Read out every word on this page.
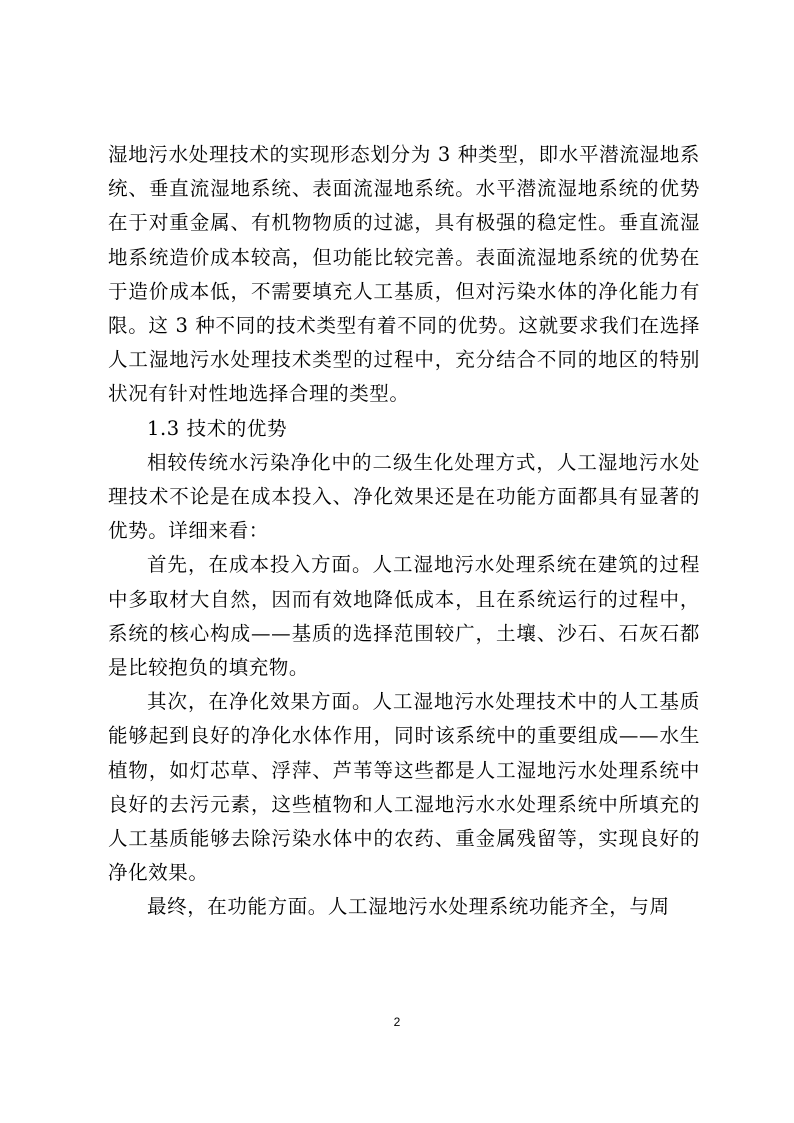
湿地污水处理技术的实现形态划分为 3 种类型，即水平潜流湿地系统、垂直流湿地系统、表面流湿地系统。水平潜流湿地系统的优势在于对重金属、有机物物质的过滤，具有极强的稳定性。垂直流湿地系统造价成本较高，但功能比较完善。表面流湿地系统的优势在于造价成本低，不需要填充人工基质，但对污染水体的净化能力有限。这 3 种不同的技术类型有着不同的优势。这就要求我们在选择人工湿地污水处理技术类型的过程中，充分结合不同的地区的特别状况有针对性地选择合理的类型。

1.3 技术的优势

相较传统水污染净化中的二级生化处理方式，人工湿地污水处理技术不论是在成本投入、净化效果还是在功能方面都具有显著的优势。详细来看：

首先，在成本投入方面。人工湿地污水处理系统在建筑的过程中多取材大自然，因而有效地降低成本，且在系统运行的过程中，系统的核心构成——基质的选择范围较广，土壤、沙石、石灰石都是比较抱负的填充物。

其次，在净化效果方面。人工湿地污水处理技术中的人工基质能够起到良好的净化水体作用，同时该系统中的重要组成——水生植物，如灯芯草、浮萍、芦苇等这些都是人工湿地污水处理系统中良好的去污元素，这些植物和人工湿地污水水处理系统中所填充的人工基质能够去除污染水体中的农药、重金属残留等，实现良好的净化效果。

最终，在功能方面。人工湿地污水处理系统功能齐全，与周

2
